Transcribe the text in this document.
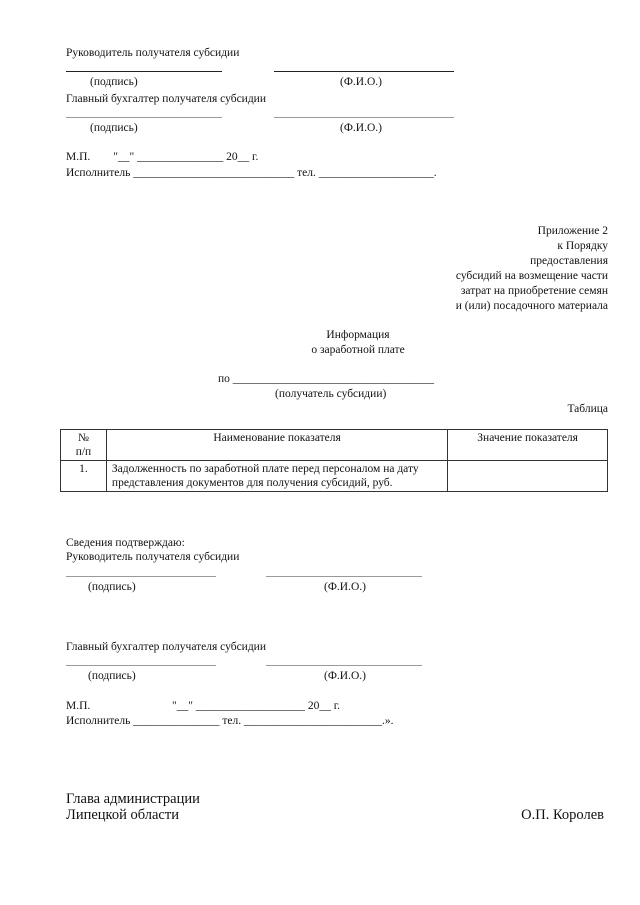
Руководитель получателя субсидии
(подпись)	(Ф.И.О.)
Главный бухгалтер получателя субсидии
(подпись)	(Ф.И.О.)
М.П.        "__" _______________ 20__ г.
Исполнитель ____________________________ тел. ____________________.
Приложение 2
к Порядку
предоставления
субсидий на возмещение части
затрат на приобретение семян
и (или) посадочного материала
Информация
о заработной плате
по ___________________________________
(получатель субсидии)
Таблица
№
п/п	Наименование показателя	Значение показателя
1.	Задолженность по заработной плате перед персоналом на дату представления документов для получения субсидий, руб.	
Сведения подтверждаю:
Руководитель получателя субсидии
(подпись)	(Ф.И.О.)
Главный бухгалтер получателя субсидии
(подпись)	(Ф.И.О.)
М.П.	"__" ___________________ 20__ г.
Исполнитель _______________ тел. ________________________.».
Глава администрации
Липецкой области	О.П. Королев
